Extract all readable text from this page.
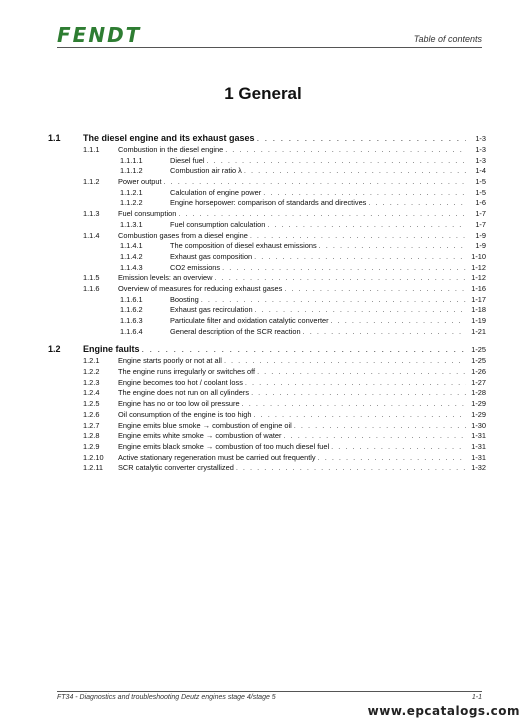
FENDT	Table of contents
1 General
1.1	The diesel engine and its exhaust gases . . .	1-3
1.1.1	Combustion in the diesel engine . . .	1-3
1.1.1.1	Diesel fuel . . .	1-3
1.1.1.2	Combustion air ratio λ . . .	1-4
1.1.2	Power output . . .	1-5
1.1.2.1	Calculation of engine power . . .	1-5
1.1.2.2	Engine horsepower: comparison of standards and directives . . .	1-6
1.1.3	Fuel consumption . . .	1-7
1.1.3.1	Fuel consumption calculation . . .	1-7
1.1.4	Combustion gases from a diesel engine . . .	1-9
1.1.4.1	The composition of diesel exhaust emissions . . .	1-9
1.1.4.2	Exhaust gas composition . . .	1-10
1.1.4.3	CO2 emissions . . .	1-12
1.1.5	Emission levels: an overview . . .	1-12
1.1.6	Overview of measures for reducing exhaust gases . . .	1-16
1.1.6.1	Boosting . . .	1-17
1.1.6.2	Exhaust gas recirculation . . .	1-18
1.1.6.3	Particulate filter and oxidation catalytic converter . . .	1-19
1.1.6.4	General description of the SCR reaction . . .	1-21
1.2	Engine faults . . .	1-25
1.2.1	Engine starts poorly or not at all . . .	1-25
1.2.2	The engine runs irregularly or switches off . . .	1-26
1.2.3	Engine becomes too hot / coolant loss . . .	1-27
1.2.4	The engine does not run on all cylinders . . .	1-28
1.2.5	Engine has no or too low oil pressure . . .	1-29
1.2.6	Oil consumption of the engine is too high . . .	1-29
1.2.7	Engine emits blue smoke → combustion of engine oil . . .	1-30
1.2.8	Engine emits white smoke → combustion of water . . .	1-31
1.2.9	Engine emits black smoke → combustion of too much diesel fuel . . .	1-31
1.2.10	Active stationary regeneration must be carried out frequently . . .	1-31
1.2.11	SCR catalytic converter crystallized . . .	1-32
FT34 - Diagnostics and troubleshooting Deutz engines stage 4/stage 5	1-1
www.epcatalogs.com
